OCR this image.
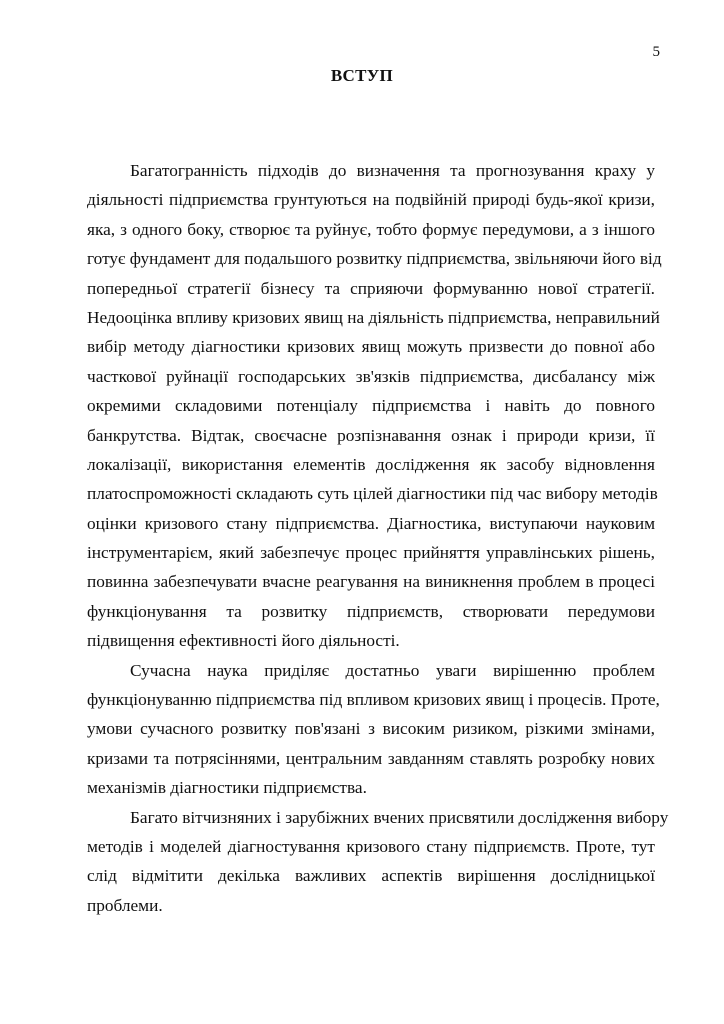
5
ВСТУП
Багатогранність підходів до визначення та прогнозування краху у
діяльності підприємства грунтуються на подвійній природі будь-якої кризи,
яка, з одного боку, створює та руйнує, тобто формує передумови, а з іншого
готує фундамент для подальшого розвитку підприємства, звільняючи його від
попередньої стратегії бізнесу та сприяючи формуванню нової стратегії.
Недооцінка впливу кризових явищ на діяльність підприємства, неправильний
вибір методу діагностики кризових явищ можуть призвести до повної або
часткової руйнації господарських зв'язків підприємства, дисбалансу між
окремими складовими потенціалу підприємства і навіть до повного
банкрутства. Відтак, своєчасне розпізнавання ознак і природи кризи, її
локалізації, використання елементів дослідження як засобу відновлення
платоспроможності складають суть цілей діагностики під час вибору методів
оцінки кризового стану підприємства. Діагностика, виступаючи науковим
інструментарієм, який забезпечує процес прийняття управлінських рішень,
повинна забезпечувати вчасне реагування на виникнення проблем в процесі
функціонування та розвитку підприємств, створювати передумови
підвищення ефективності його діяльності.
Сучасна наука приділяє достатньо уваги вирішенню проблем
функціонуванню підприємства під впливом кризових явищ і процесів. Проте,
умови сучасного розвитку пов'язані з високим ризиком, різкими змінами,
кризами та потрясіннями, центральним завданням ставлять розробку нових
механізмів діагностики підприємства.
Багато вітчизняних і зарубіжних вчених присвятили дослідження вибору
методів і моделей діагностування кризового стану підприємств. Проте, тут
слід відмітити декілька важливих аспектів вирішення дослідницької
проблеми.
